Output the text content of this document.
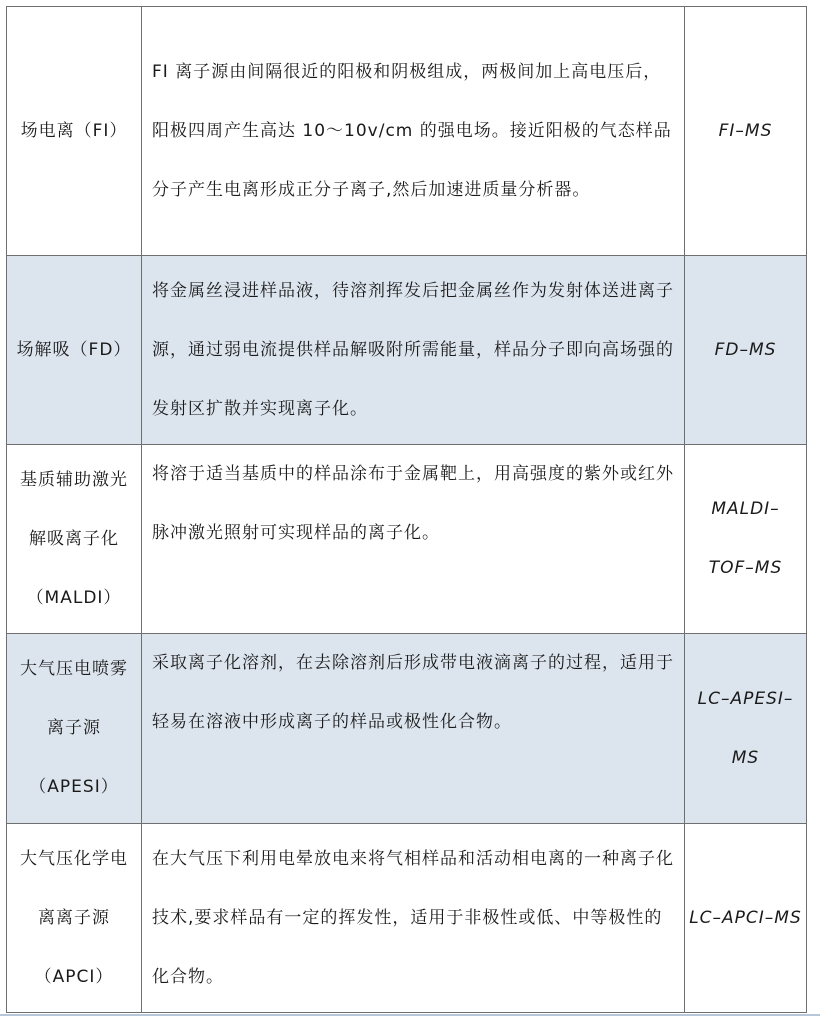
场电离（FI）	FI 离子源由间隔很近的阳极和阴极组成，两极间加上高电压后，阳极四周产生高达 10～10v/cm 的强电场。接近阳极的气态样品分子产生电离形成正分子离子,然后加速进质量分析器。	FI–MS
场解吸（FD）	将金属丝浸进样品液，待溶剂挥发后把金属丝作为发射体送进离子源，通过弱电流提供样品解吸附所需能量，样品分子即向高场强的发射区扩散并实现离子化。	FD–MS
基质辅助激光解吸离子化（MALDI）	将溶于适当基质中的样品涂布于金属靶上，用高强度的紫外或红外脉冲激光照射可实现样品的离子化。	MALDI–TOF–MS
大气压电喷雾离子源（APESI）	采取离子化溶剂，在去除溶剂后形成带电液滴离子的过程，适用于轻易在溶液中形成离子的样品或极性化合物。	LC–APESI–MS
大气压化学电离离子源（APCI）	在大气压下利用电晕放电来将气相样品和活动相电离的一种离子化技术,要求样品有一定的挥发性，适用于非极性或低、中等极性的化合物。	LC–APCI–MS
